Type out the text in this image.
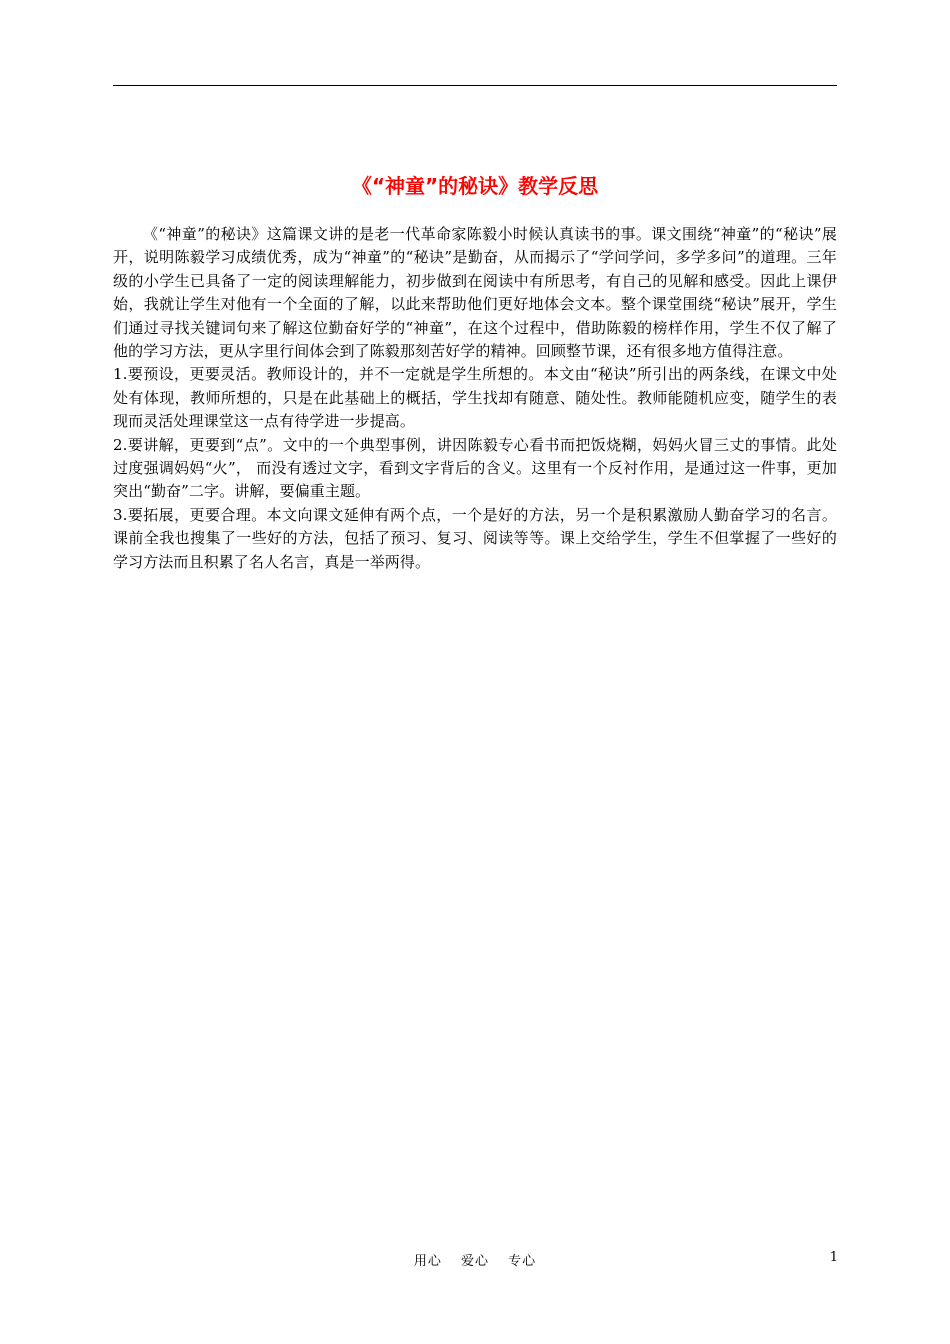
《“神童”的秘诀》教学反思

《“神童”的秘诀》这篇课文讲的是老一代革命家陈毅小时候认真读书的事。课文围绕“神童”的“秘诀”展开，说明陈毅学习成绩优秀，成为“神童”的“秘诀”是勤奋，从而揭示了“学问学问，多学多问”的道理。三年级的小学生已具备了一定的阅读理解能力，初步做到在阅读中有所思考，有自己的见解和感受。因此上课伊始，我就让学生对他有一个全面的了解，以此来帮助他们更好地体会文本。整个课堂围绕“秘诀”展开，学生们通过寻找关键词句来了解这位勤奋好学的“神童”，在这个过程中，借助陈毅的榜样作用，学生不仅了解了他的学习方法，更从字里行间体会到了陈毅那刻苦好学的精神。回顾整节课，还有很多地方值得注意。

1.要预设，更要灵活。教师设计的，并不一定就是学生所想的。本文由“秘诀”所引出的两条线，在课文中处处有体现，教师所想的，只是在此基础上的概括，学生找却有随意、随处性。教师能随机应变，随学生的表现而灵活处理课堂这一点有待学进一步提高。

2.要讲解，更要到“点”。文中的一个典型事例，讲因陈毅专心看书而把饭烧糊，妈妈火冒三丈的事情。此处过度强调妈妈“火”， 而没有透过文字，看到文字背后的含义。这里有一个反衬作用，是通过这一件事，更加突出“勤奋”二字。讲解，要偏重主题。

3.要拓展，更要合理。本文向课文延伸有两个点，一个是好的方法，另一个是积累激励人勤奋学习的名言。课前全我也搜集了一些好的方法，包括了预习、复习、阅读等等。课上交给学生，学生不但掌握了一些好的学习方法而且积累了名人名言，真是一举两得。

用心 爱心 专心	1
